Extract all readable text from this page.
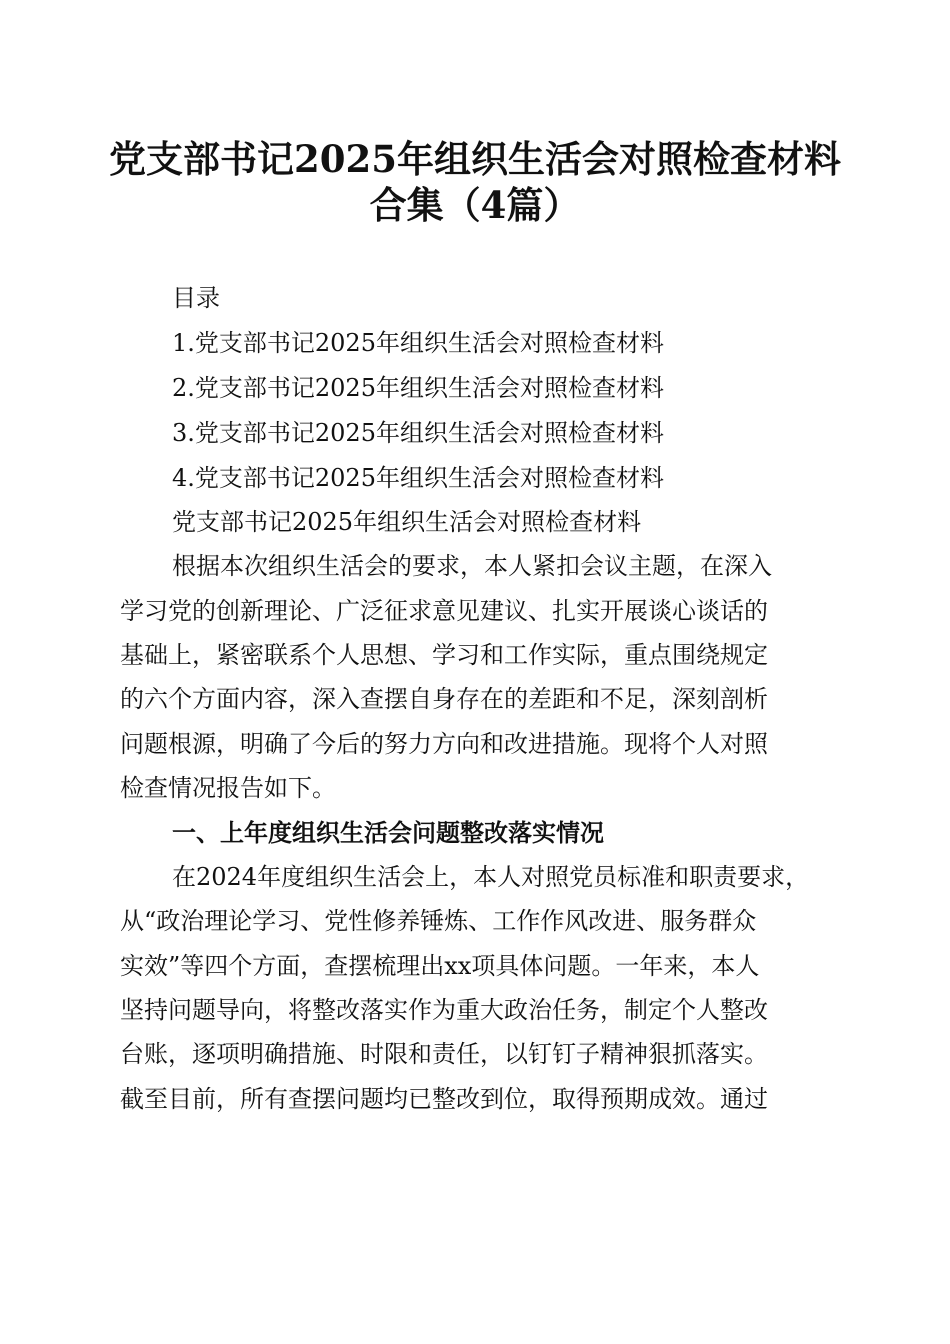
党支部书记2025年组织生活会对照检查材料
合集（4篇）
目录
1.党支部书记2025年组织生活会对照检查材料
2.党支部书记2025年组织生活会对照检查材料
3.党支部书记2025年组织生活会对照检查材料
4.党支部书记2025年组织生活会对照检查材料
党支部书记2025年组织生活会对照检查材料
根据本次组织生活会的要求，本人紧扣会议主题，在深入
学习党的创新理论、广泛征求意见建议、扎实开展谈心谈话的
基础上，紧密联系个人思想、学习和工作实际，重点围绕规定
的六个方面内容，深入查摆自身存在的差距和不足，深刻剖析
问题根源，明确了今后的努力方向和改进措施。现将个人对照
检查情况报告如下。
一、上年度组织生活会问题整改落实情况
在2024年度组织生活会上，本人对照党员标准和职责要求，
从“政治理论学习、党性修养锤炼、工作作风改进、服务群众
实效”等四个方面，查摆梳理出xx项具体问题。一年来，本人
坚持问题导向，将整改落实作为重大政治任务，制定个人整改
台账，逐项明确措施、时限和责任，以钉钉子精神狠抓落实。
截至目前，所有查摆问题均已整改到位，取得预期成效。通过
